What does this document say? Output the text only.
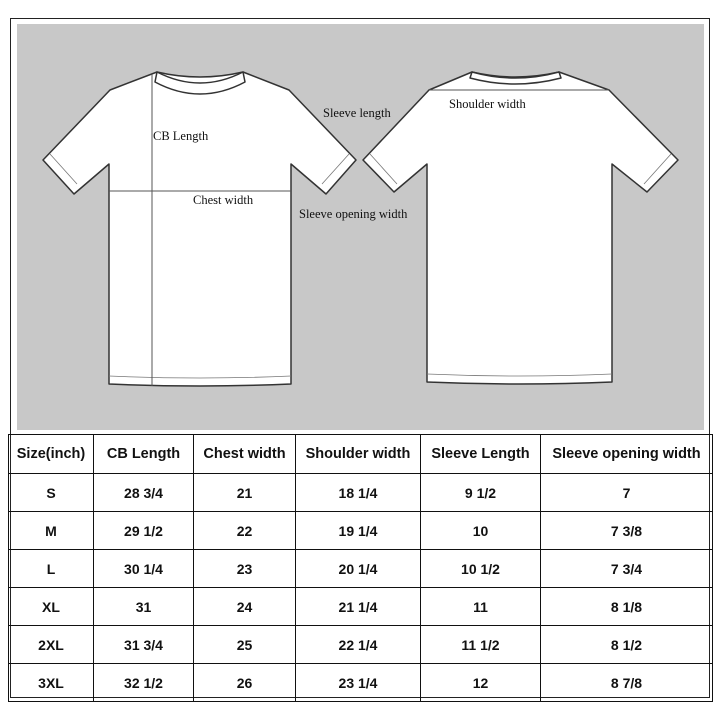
CB Length
Chest width
Sleeve length
Sleeve opening width
Shoulder width
Size(inch)	CB Length	Chest width	Shoulder width	Sleeve Length	Sleeve opening width
S	28 3/4	21	18 1/4	9 1/2	7
M	29 1/2	22	19 1/4	10	7 3/8
L	30 1/4	23	20 1/4	10 1/2	7 3/4
XL	31	24	21 1/4	11	8 1/8
2XL	31 3/4	25	22 1/4	11 1/2	8 1/2
3XL	32 1/2	26	23 1/4	12	8 7/8
